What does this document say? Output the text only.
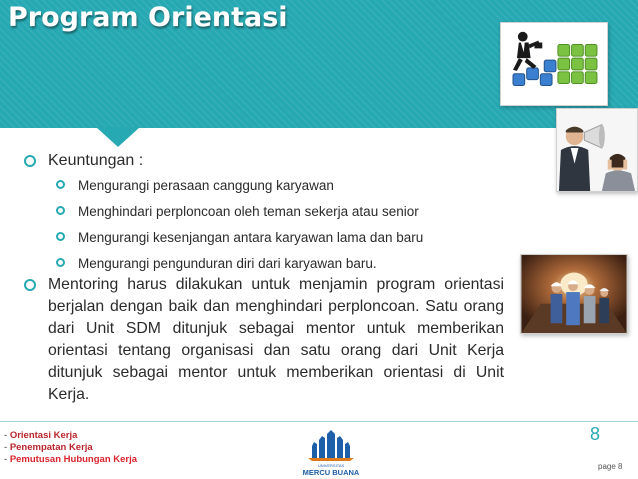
Program Orientasi
Keuntungan :
Mengurangi perasaan canggung karyawan
Menghindari perploncoan oleh teman sekerja atau senior
Mengurangi kesenjangan antara karyawan lama dan baru
Mengurangi pengunduran diri dari karyawan baru.
Mentoring harus dilakukan untuk menjamin program orientasi berjalan dengan baik dan menghindari perploncoan. Satu orang dari Unit SDM ditunjuk sebagai mentor untuk memberikan orientasi tentang organisasi dan satu orang dari Unit Kerja ditunjuk sebagai mentor untuk memberikan orientasi di Unit Kerja.
- Orientasi Kerja
- Penempatan Kerja
- Pemutusan Hubungan Kerja
UNIVERSITAS
MERCU BUANA
8
page 8
